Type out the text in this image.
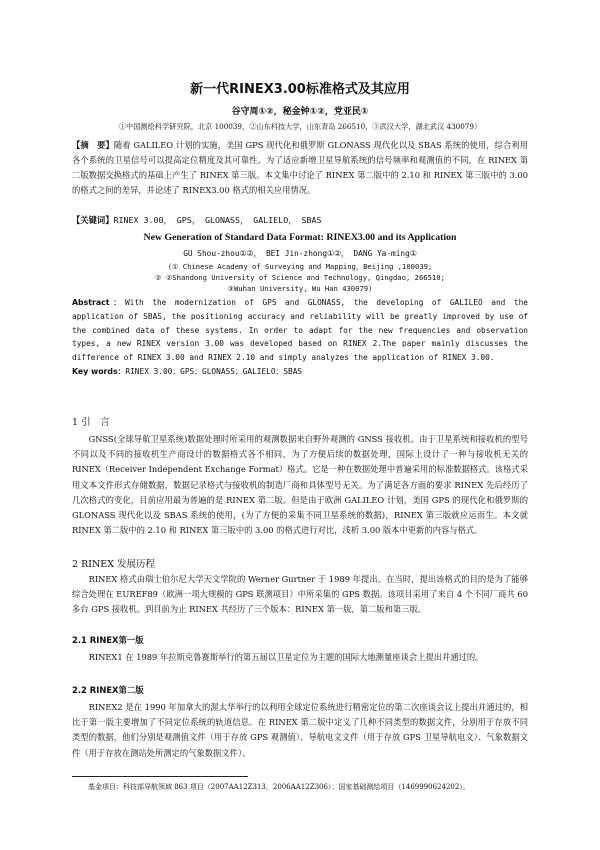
新一代RINEX3.00标准格式及其应用
谷守周①②，秘金钟①②，党亚民①
①中国测绘科学研究院，北京 100039，②山东科技大学，山东青岛 266510，③武汉大学，湖北武汉 430079）

【摘　要】随着 GALILEO 计划的实施，美国 GPS 现代化和俄罗斯 GLONASS 现代化以及 SBAS 系统的使用，综合利用各个系统的卫星信号可以提高定位精度及其可靠性。为了适应新增卫星导航系统的信号频率和观测值的不同，在 RINEX 第二版数据交换格式的基础上产生了 RINEX 第三版。本文集中讨论了 RINEX 第二版中的 2.10 和 RINEX 第三版中的 3.00 的格式之间的差异，并论述了 RINEX3.00 格式的相关应用情况。

【关键词】RINEX 3.00， GPS， GLONASS， GALIELO， SBAS

New Generation of Standard Data Format: RINEX3.00 and its Application
GU Shou-zhou①②， BEI Jin-zhong①②， DANG Ya-ming①
(① Chinese Academy of Surveying and Mapping，Beijing ,100039;
② ②Shandong University of Science and Technology, Qingdao, 266510;
③Wuhan University, Wu Han 430079)

Abstract：With the modernization of GPS and GLONASS, the developing of GALILEO and the application of SBAS, the positioning accuracy and reliability will be greatly improved by use of the combined data of these systems. In order to adapt for the new frequencies and observation types, a new RINEX version 3.00 was developed based on RINEX 2.The paper mainly discusses the difference of RINEX 3.00 and RINEX 2.10 and simply analyzes the application of RINEX 3.00.

Key words：RINEX 3.00；GPS；GLONASS；GALIELO；SBAS

1 引　言

GNSS(全球导航卫星系统)数据处理时所采用的观测数据来自野外观测的 GNSS 接收机。由于卫星系统和接收机的型号不同以及不同的接收机生产商设计的数据格式各不相同，为了方便后续的数据处理，国际上设计了一种与接收机无关的 RINEX（Receiver Independent Exchange Format）格式。它是一种在数据处理中普遍采用的标准数据格式。该格式采用文本文件形式存储数据，数据记录格式与接收机的制造厂商和具体型号无关。为了满足各方面的要求 RINEX 先后经历了几次格式的变化，目前应用最为普遍的是 RINEX 第二版。但是由于欧洲 GALILEO 计划，美国 GPS 的现代化和俄罗斯的 GLONASS 现代化以及 SBAS 系统的使用，(为了方便的采集不同卫星系统的数据)，RINEX 第三版就应运而生。本文就 RINEX 第二版中的 2.10 和 RINEX 第三版中的 3.00 的格式进行对比，浅析 3.00 版本中更新的内容与格式。

2 RINEX 发展历程

RINEX 格式由瑞士伯尔尼大学天文学院的 Werner Gurtner 于 1989 年提出。在当时，提出该格式的目的是为了能够综合处理在 EUREF89（欧洲一项大规模的 GPS 联测项目）中所采集的 GPS 数据。该项目采用了来自 4 个不同厂商共 60 多台 GPS 接收机。到目前为止 RINEX 共经历了三个版本：RINEX 第一版，第二版和第三版。

2.1 RINEX第一版

RINEX1 在 1989 年拉斯克鲁赛斯举行的第五届以卫星定位为主题的国际大地测量座谈会上提出并通过的。

2.2 RINEX第二版

RINEX2 是在 1990 年加拿大的渥太华举行的以利用全球定位系统进行精密定位的第二次座谈会议上提出并通过的，相比于第一版主要增加了不同定位系统的轨道信息。在 RINEX 第二版中定义了几种不同类型的数据文件，分别用于存放不同类型的数据，他们分别是观测值文件（用于存放 GPS 观测值）、导航电文文件（用于存放 GPS 卫星导航电文）、气象数据文件（用于存放在测站处所测定的气象数据文件）、

基金项目：科技部导航领域 863 项目（2007AA12Z313，2006AA12Z306）；国家基础测绘项目（1469990624202）。
